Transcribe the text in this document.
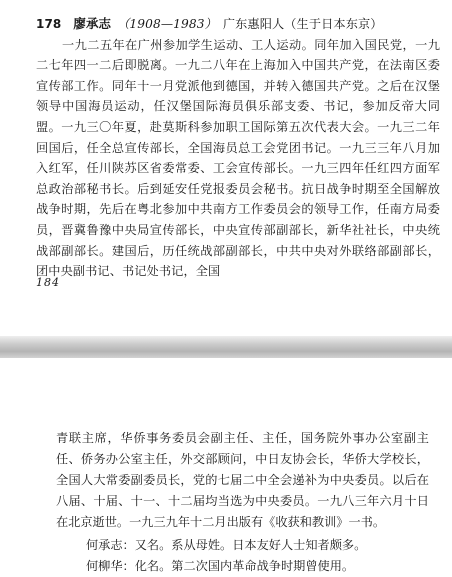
178 廖承志 （1908—1983） 广东惠阳人（生于日本东京）
一九二五年在广州参加学生运动、工人运动。同年加入国民党，一九二七年四一二后即脱离。一九二八年在上海加入中国共产党，在法南区委宣传部工作。同年十一月党派他到德国，并转入德国共产党。之后在汉堡领导中国海员运动，任汉堡国际海员俱乐部支委、书记，参加反帝大同盟。一九三〇年夏，赴莫斯科参加职工国际第五次代表大会。一九三二年回国后，任全总宣传部长，全国海员总工会党团书记。一九三三年八月加入红军，任川陕苏区省委常委、工会宣传部长。一九三四年任红四方面军总政治部秘书长。后到延安任党报委员会秘书。抗日战争时期至全国解放战争时期，先后在粤北参加中共南方工作委员会的领导工作，任南方局委员，晋冀鲁豫中央局宣传部长，中央宣传部副部长，新华社社长，中央统战部副部长。建国后，历任统战部副部长，中共中央对外联络部副部长，团中央副书记、书记处书记，全国
184
青联主席，华侨事务委员会副主任、主任，国务院外事办公室副主任、侨务办公室主任，外交部顾问，中日友协会长，华侨大学校长，全国人大常委副委员长，党的七届二中全会递补为中央委员。以后在八届、十届、十一、十二届均当选为中央委员。一九八三年六月十日在北京逝世。一九三九年十二月出版有《收获和教训》一书。
何承志：又名。系从母姓。日本友好人士知者颇多。
何柳华：化名。第二次国内革命战争时期曾使用。
